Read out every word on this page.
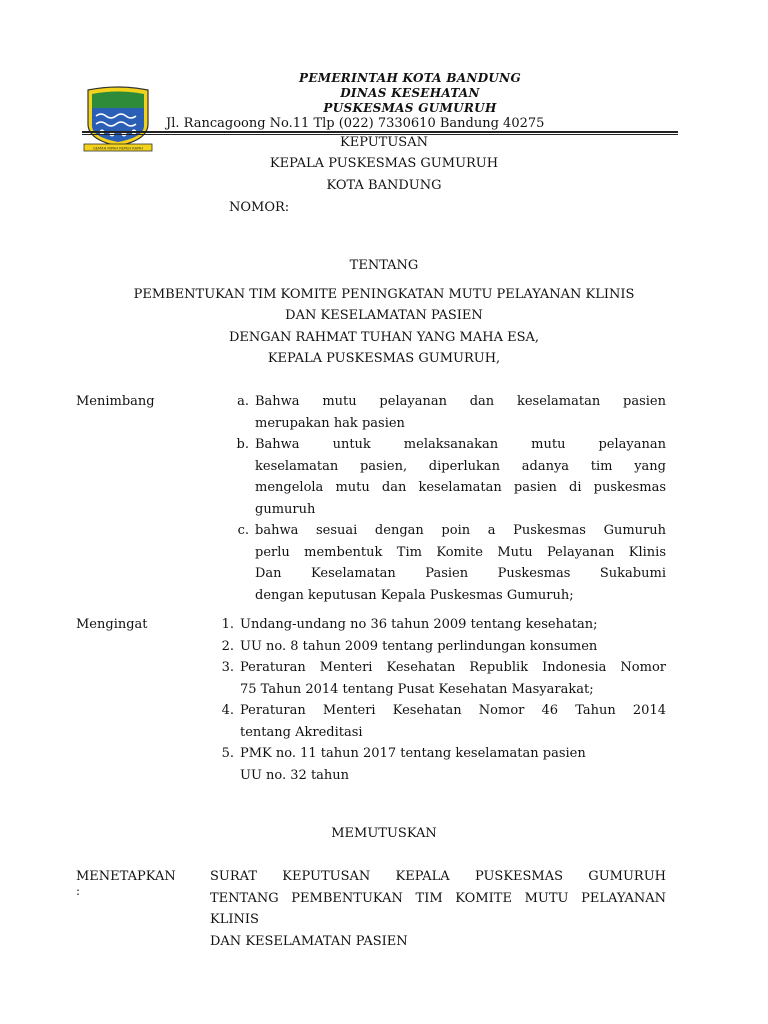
GEMAH RIPAH REPEH RAPIH
PEMERINTAH KOTA BANDUNG
DINAS KESEHATAN
PUSKESMAS GUMURUH
Jl. Rancagoong No.11 Tlp (022) 7330610 Bandung 40275
KEPUTUSAN
KEPALA PUSKESMAS GUMURUH
KOTA BANDUNG
NOMOR:
TENTANG
PEMBENTUKAN TIM KOMITE PENINGKATAN MUTU PELAYANAN KLINIS
DAN KESELAMATAN PASIEN
DENGAN RAHMAT TUHAN YANG MAHA ESA,
KEPALA PUSKESMAS GUMURUH,
Menimbang	a. Bahwa mutu pelayanan dan keselamatan pasien
merupakan hak pasien
b. Bahwa untuk melaksanakan mutu pelayanan
keselamatan pasien, diperlukan adanya tim yang
mengelola mutu dan keselamatan pasien di puskesmas
gumuruh
c. bahwa sesuai dengan poin a Puskesmas Gumuruh
perlu membentuk Tim Komite Mutu Pelayanan Klinis
Dan Keselamatan Pasien Puskesmas Sukabumi
dengan keputusan Kepala Puskesmas Gumuruh;
Mengingat	1. Undang-undang no 36 tahun 2009 tentang kesehatan;
2. UU no. 8 tahun 2009 tentang perlindungan konsumen
3. Peraturan Menteri Kesehatan Republik Indonesia Nomor
75 Tahun 2014 tentang Pusat Kesehatan Masyarakat;
4. Peraturan Menteri Kesehatan Nomor 46 Tahun 2014
tentang Akreditasi
5. PMK no. 11 tahun 2017 tentang keselamatan pasien
UU no. 32 tahun
MEMUTUSKAN
MENETAPKAN
:
SURAT KEPUTUSAN KEPALA PUSKESMAS GUMURUH
TENTANG PEMBENTUKAN TIM KOMITE MUTU PELAYANAN
KLINIS
DAN KESELAMATAN PASIEN
